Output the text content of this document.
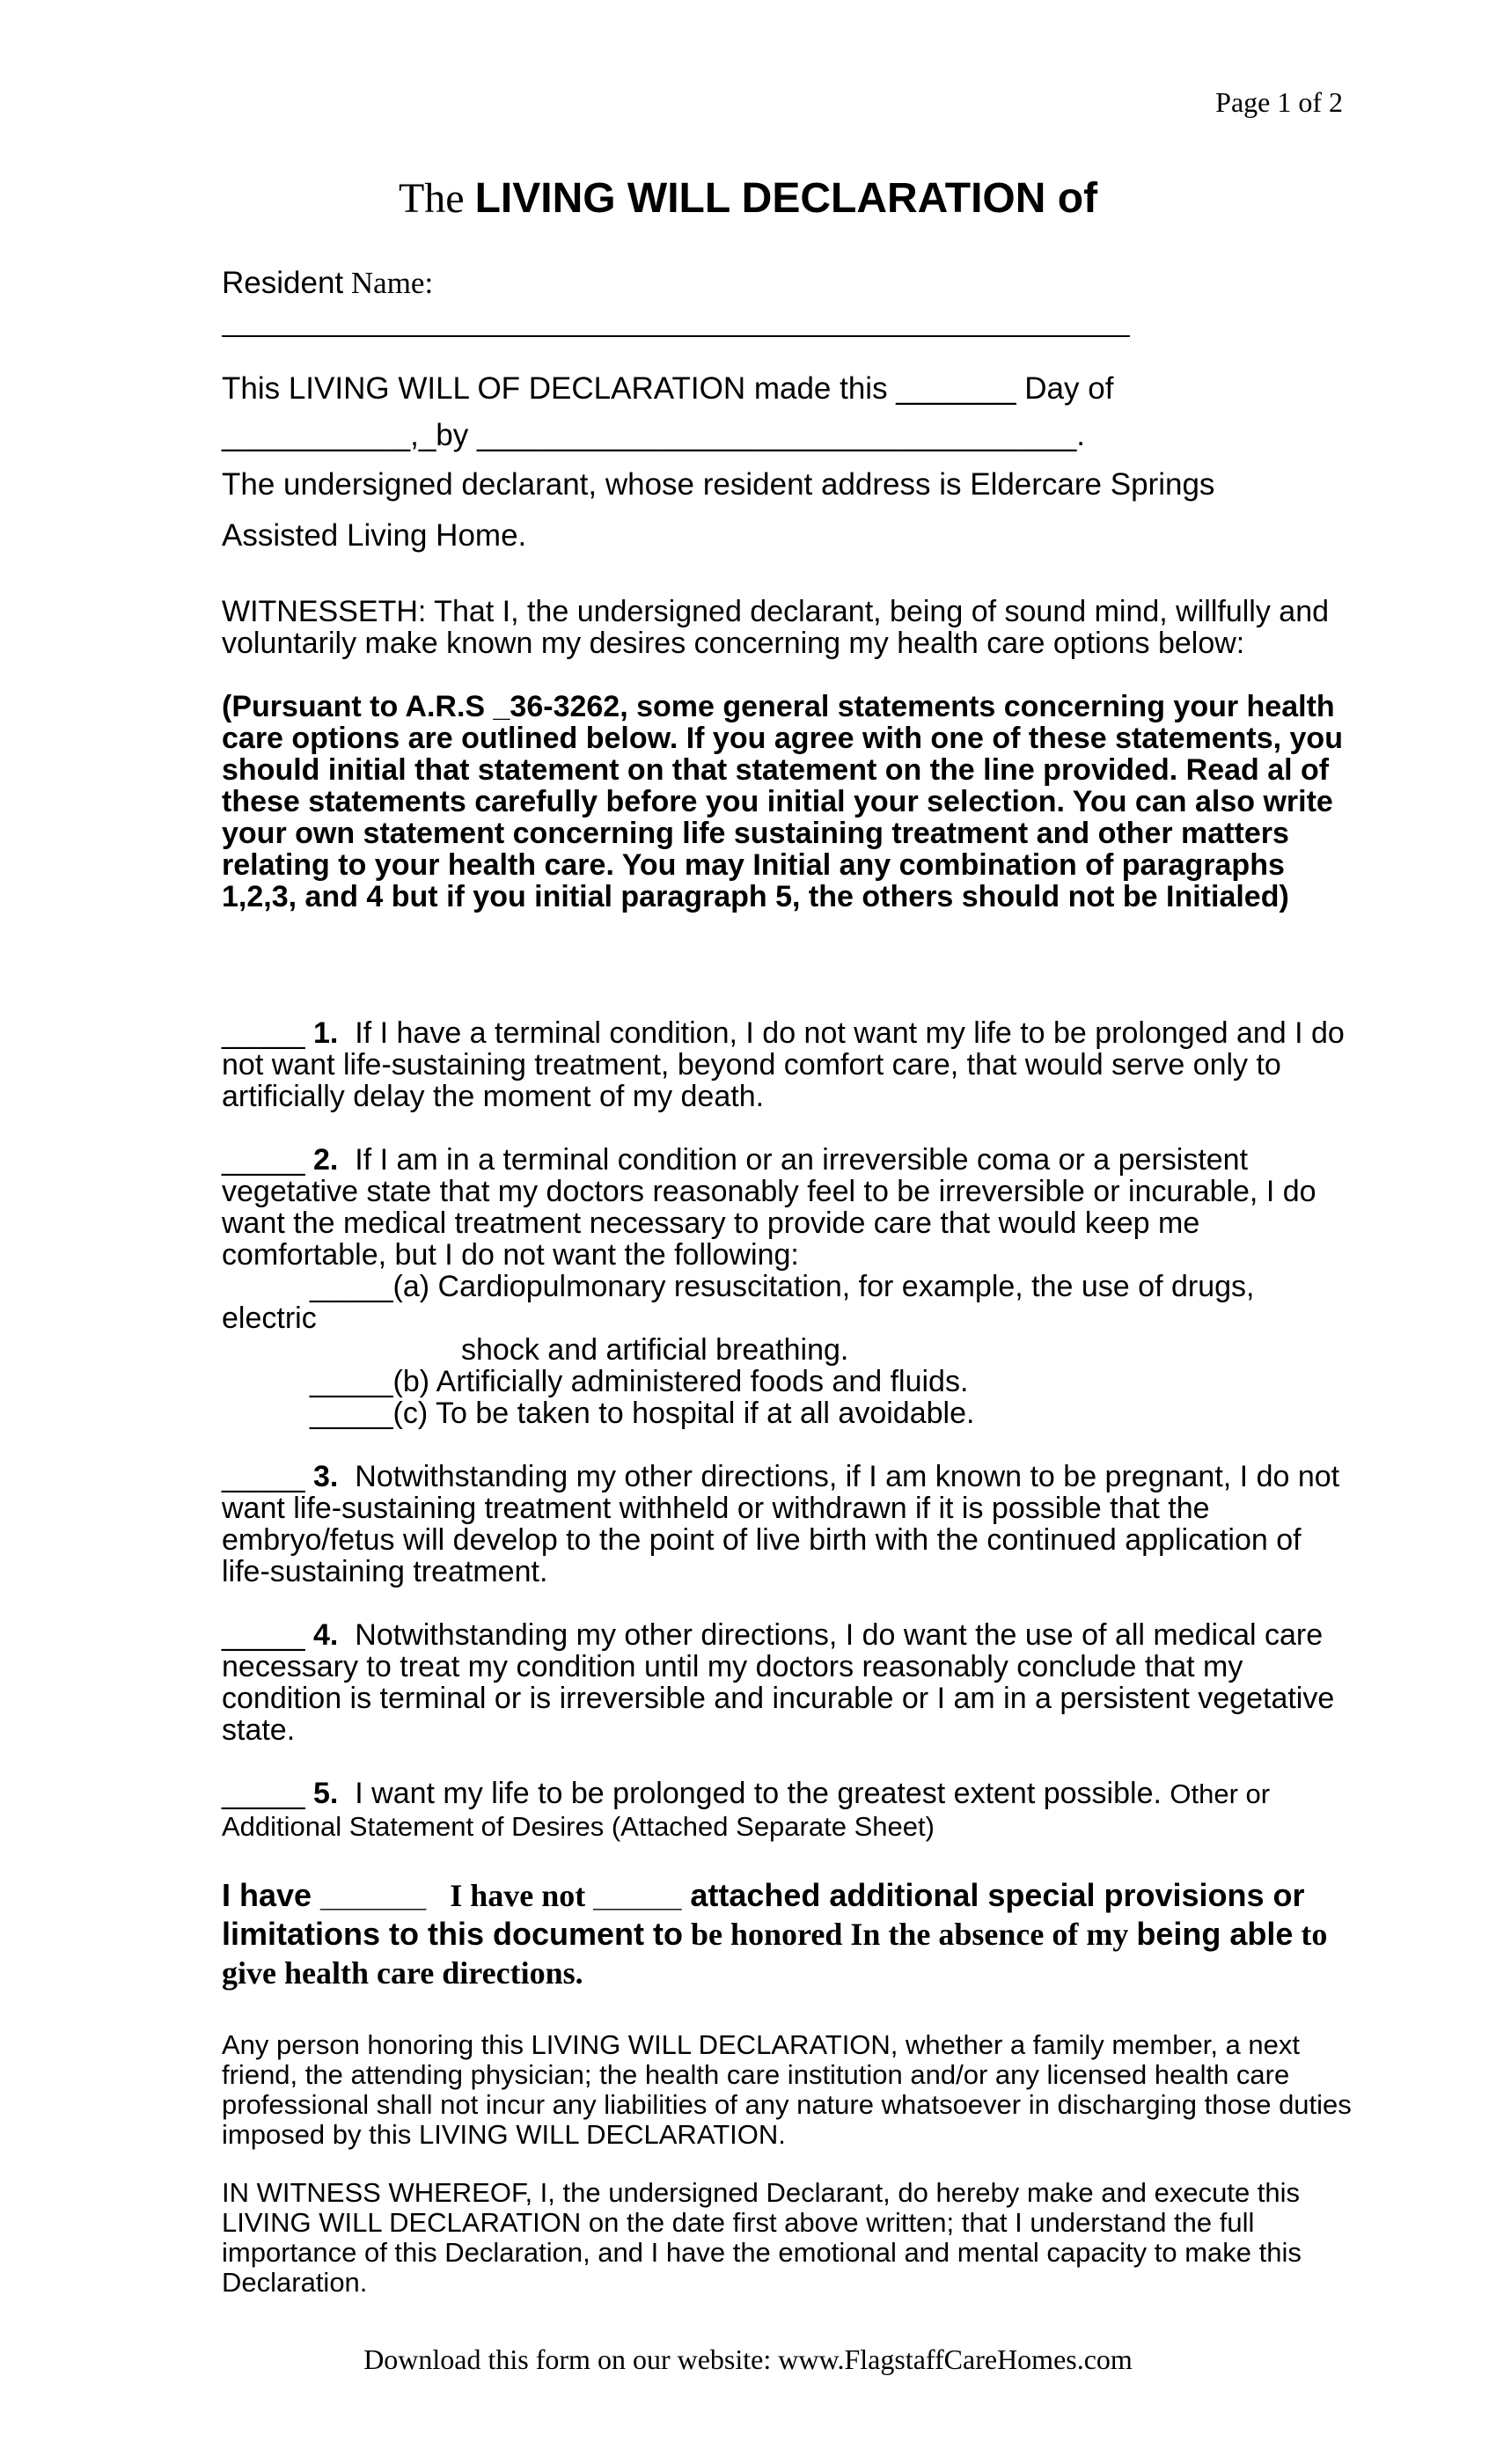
Page 1 of 2
The LIVING WILL DECLARATION of
Resident Name:
This LIVING WILL OF DECLARATION made this _______ Day of
___________,_by ___________________________________.
The undersigned declarant, whose resident address is Eldercare Springs Assisted Living Home.
WITNESSETH: That I, the undersigned declarant, being of sound mind, willfully and voluntarily make known my desires concerning my health care options below:
(Pursuant to A.R.S _36-3262, some general statements concerning your health care options are outlined below. If you agree with one of these statements, you should initial that statement on that statement on the line provided. Read al of these statements carefully before you initial your selection. You can also write your own statement concerning life sustaining treatment and other matters relating to your health care. You may Initial any combination of paragraphs 1,2,3, and 4 but if you initial paragraph 5, the others should not be Initialed)
_____ 1. If I have a terminal condition, I do not want my life to be prolonged and I do not want life-sustaining treatment, beyond comfort care, that would serve only to artificially delay the moment of my death.
_____ 2. If I am in a terminal condition or an irreversible coma or a persistent vegetative state that my doctors reasonably feel to be irreversible or incurable, I do want the medical treatment necessary to provide care that would keep me comfortable, but I do not want the following:
_____(a) Cardiopulmonary resuscitation, for example, the use of drugs,
electric
shock and artificial breathing.
_____(b) Artificially administered foods and fluids.
_____(c) To be taken to hospital if at all avoidable.
_____ 3. Notwithstanding my other directions, if I am known to be pregnant, I do not want life-sustaining treatment withheld or withdrawn if it is possible that the embryo/fetus will develop to the point of live birth with the continued application of life-sustaining treatment.
_____ 4. Notwithstanding my other directions, I do want the use of all medical care necessary to treat my condition until my doctors reasonably conclude that my condition is terminal or is irreversible and incurable or I am in a persistent vegetative state.
_____ 5. I want my life to be prolonged to the greatest extent possible. Other or Additional Statement of Desires (Attached Separate Sheet)
I have ______ I have not _____ attached additional special provisions or limitations to this document to be honored In the absence of my being able to give health care directions.
Any person honoring this LIVING WILL DECLARATION, whether a family member, a next friend, the attending physician; the health care institution and/or any licensed health care professional shall not incur any liabilities of any nature whatsoever in discharging those duties imposed by this LIVING WILL DECLARATION.
IN WITNESS WHEREOF, I, the undersigned Declarant, do hereby make and execute this LIVING WILL DECLARATION on the date first above written; that I understand the full importance of this Declaration, and I have the emotional and mental capacity to make this Declaration.
Download this form on our website: www.FlagstaffCareHomes.com
